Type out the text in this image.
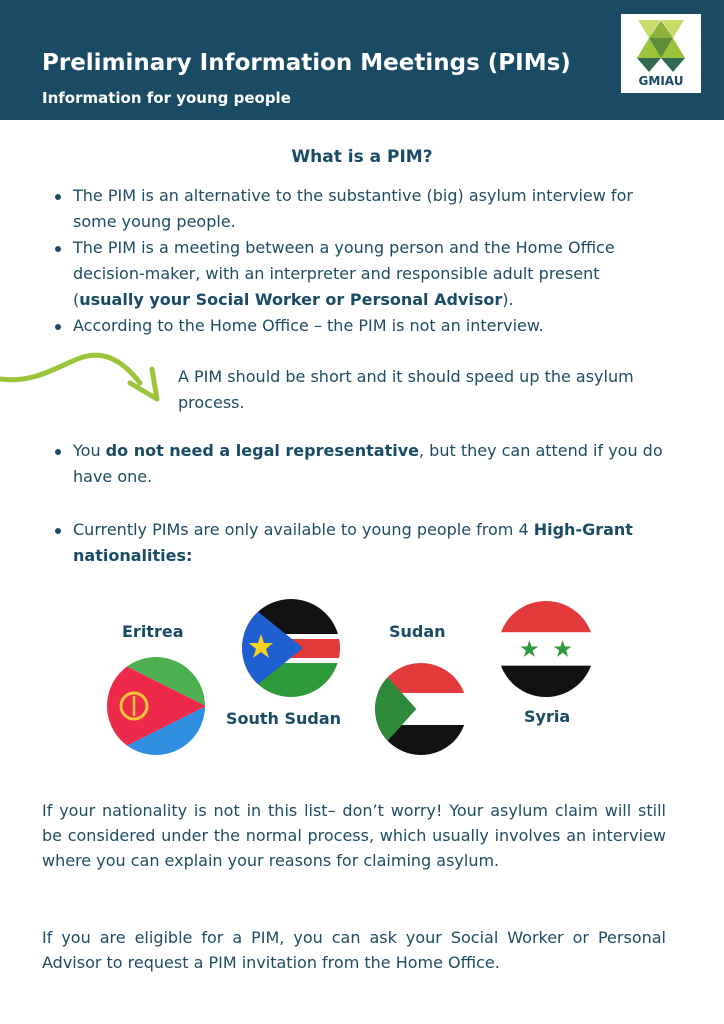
Preliminary Information Meetings (PIMs)
Information for young people
GMIAU
What is a PIM?
The PIM is an alternative to the substantive (big) asylum interview for some young people.
The PIM is a meeting between a young person and the Home Office decision-maker, with an interpreter and responsible adult present (usually your Social Worker or Personal Advisor).
According to the Home Office – the PIM is not an interview.
A PIM should be short and it should speed up the asylum process.
You do not need a legal representative, but they can attend if you do have one.
Currently PIMs are only available to young people from 4 High-Grant nationalities:
Eritrea
South Sudan
Sudan
Syria
If your nationality is not in this list– don’t worry! Your asylum claim will still be considered under the normal process, which usually involves an interview where you can explain your reasons for claiming asylum.
If you are eligible for a PIM, you can ask your Social Worker or Personal Advisor to request a PIM invitation from the Home Office.
